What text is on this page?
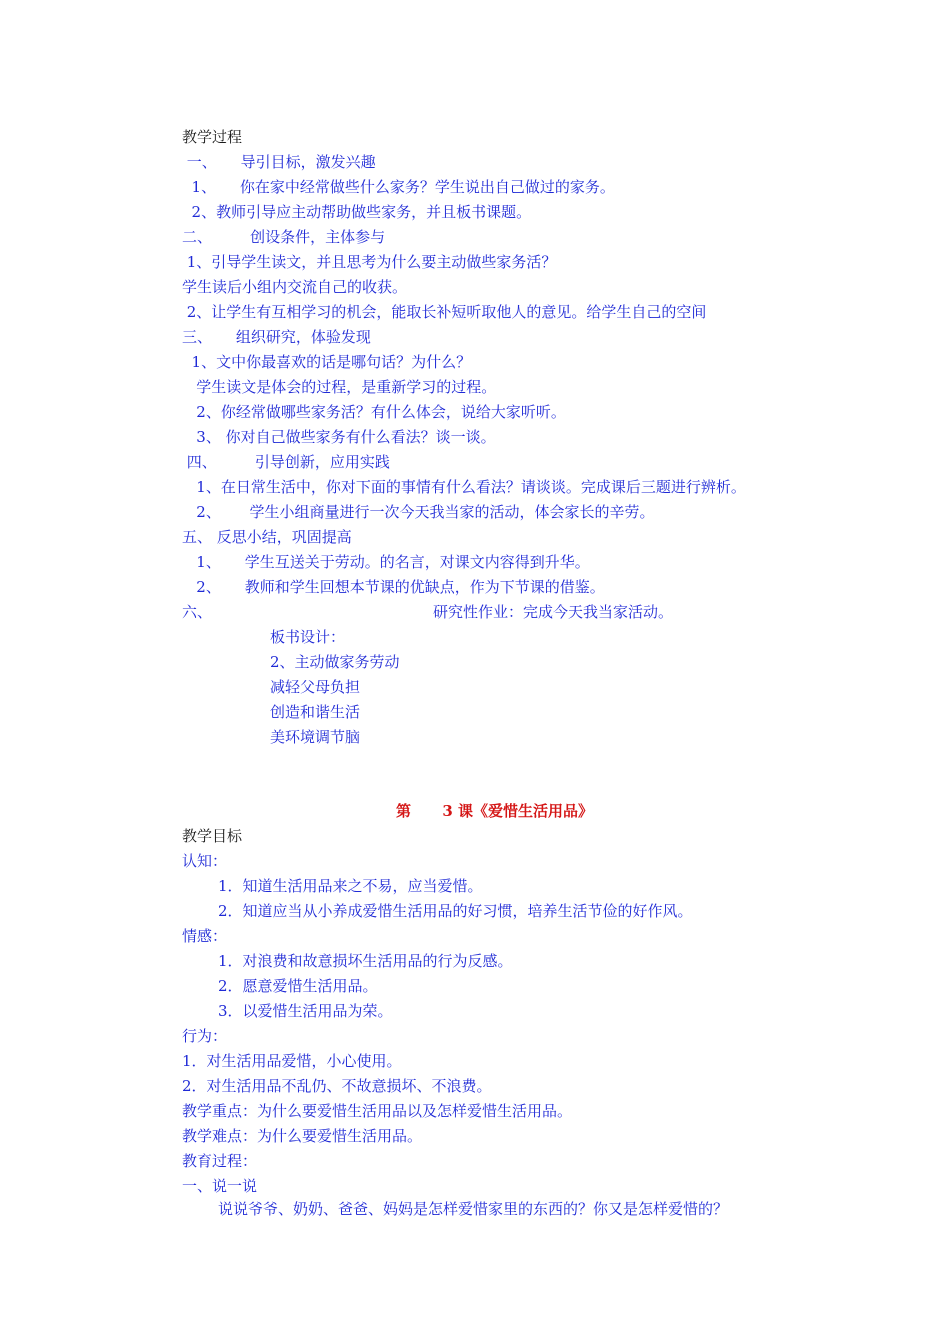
教学过程

一、     导引目标，激发兴趣

1、     你在家中经常做些什么家务？学生说出自己做过的家务。

2、教师引导应主动帮助做些家务，并且板书课题。

二、        创设条件，主体参与

1、引导学生读文，并且思考为什么要主动做些家务活？

学生读后小组内交流自己的收获。

2、让学生有互相学习的机会，能取长补短听取他人的意见。给学生自己的空间

三、     组织研究，体验发现

1、文中你最喜欢的话是哪句话？为什么？

学生读文是体会的过程，是重新学习的过程。

2、你经常做哪些家务活？有什么体会，说给大家听听。

3、 你对自己做些家务有什么看法？谈一谈。

四、        引导创新，应用实践

1、在日常生活中，你对下面的事情有什么看法？请谈谈。完成课后三题进行辨析。

2、      学生小组商量进行一次今天我当家的活动，体会家长的辛劳。

五、 反思小结，巩固提高

1、     学生互送关于劳动。的名言，对课文内容得到升华。

2、     教师和学生回想本节课的优缺点，作为下节课的借鉴。

六、	研究性作业：完成今天我当家活动。

板书设计：

2、主动做家务劳动

减轻父母负担

创造和谐生活

美环境调节脑

第      3 课《爱惜生活用品》

教学目标

认知：

1．知道生活用品来之不易，应当爱惜。

2．知道应当从小养成爱惜生活用品的好习惯，培养生活节俭的好作风。

情感：

1．对浪费和故意损坏生活用品的行为反感。

2．愿意爱惜生活用品。

3．以爱惜生活用品为荣。

行为：

1．对生活用品爱惜，小心使用。

2．对生活用品不乱仍、不故意损坏、不浪费。

教学重点：为什么要爱惜生活用品以及怎样爱惜生活用品。

教学难点：为什么要爱惜生活用品。

教育过程：

一、说一说

说说爷爷、奶奶、爸爸、妈妈是怎样爱惜家里的东西的？你又是怎样爱惜的？
